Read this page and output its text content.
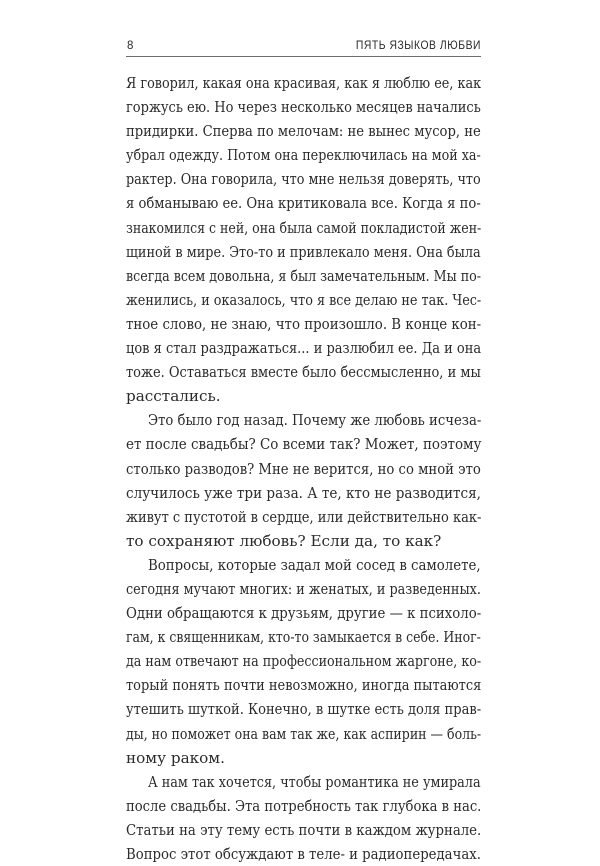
8	ПЯТЬ ЯЗЫКОВ ЛЮБВИ
Я говорил, какая она красивая, как я люблю ее, как
горжусь ею. Но через несколько месяцев начались
придирки. Сперва по мелочам: не вынес мусор, не
убрал одежду. Потом она переключилась на мой ха-
рактер. Она говорила, что мне нельзя доверять, что
я обманываю ее. Она критиковала все. Когда я по-
знакомился с ней, она была самой покладистой жен-
щиной в мире. Это-то и привлекало меня. Она была
всегда всем довольна, я был замечательным. Мы по-
женились, и оказалось, что я все делаю не так. Чес-
тное слово, не знаю, что произошло. В конце кон-
цов я стал раздражаться... и разлюбил ее. Да и она
тоже. Оставаться вместе было бессмысленно, и мы
расстались.
Это было год назад. Почему же любовь исчеза-
ет после свадьбы? Со всеми так? Может, поэтому
столько разводов? Мне не верится, но со мной это
случилось уже три раза. А те, кто не разводится,
живут с пустотой в сердце, или действительно как-
то сохраняют любовь? Если да, то как?
Вопросы, которые задал мой сосед в самолете,
сегодня мучают многих: и женатых, и разведенных.
Одни обращаются к друзьям, другие — к психоло-
гам, к священникам, кто-то замыкается в себе. Иног-
да нам отвечают на профессиональном жаргоне, ко-
торый понять почти невозможно, иногда пытаются
утешить шуткой. Конечно, в шутке есть доля прав-
ды, но поможет она вам так же, как аспирин — боль-
ному раком.
А нам так хочется, чтобы романтика не умирала
после свадьбы. Эта потребность так глубока в нас.
Статьи на эту тему есть почти в каждом журнале.
Вопрос этот обсуждают в теле- и радиопередачах.
